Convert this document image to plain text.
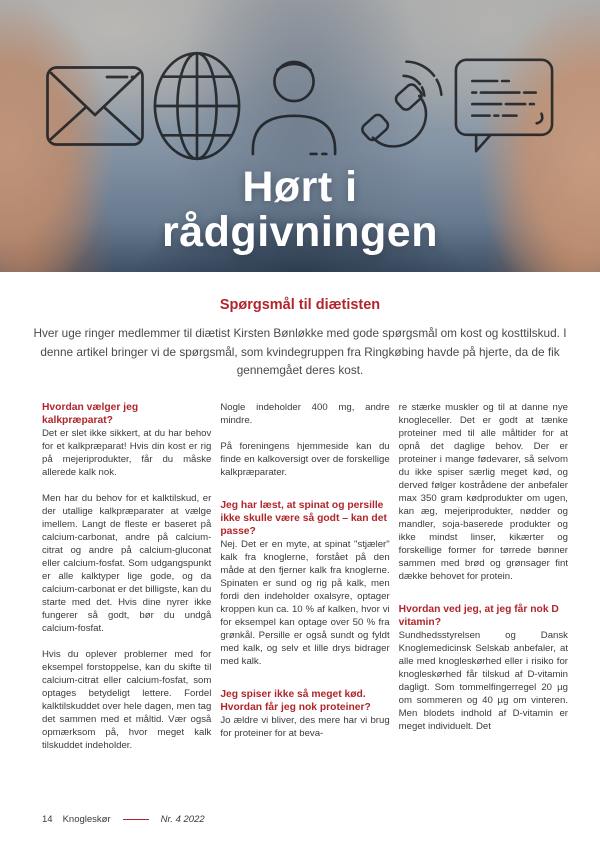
Hørt i
rådgivningen
Spørgsmål til diætisten
Hver uge ringer medlemmer til diætist Kirsten Bønløkke med gode spørgsmål om kost og kosttilskud. I denne artikel bringer vi de spørgsmål, som kvindegruppen fra Ringkøbing havde på hjerte, da de fik gennemgået deres kost.
Hvordan vælger jeg kalkpræparat?

Det er slet ikke sikkert, at du har behov for et kalkpræparat! Hvis din kost er rig på mejeriprodukter, får du måske allerede kalk nok.

Men har du behov for et kalktilskud, er der utallige kalkpræparater at vælge imellem. Langt de fleste er baseret på calcium-carbonat, andre på calcium-citrat og andre på calcium-gluconat eller calcium-fosfat. Som udgangspunkt er alle kalktyper lige gode, og da calcium-carbonat er det billigste, kan du starte med det. Hvis dine nyrer ikke fungerer så godt, bør du undgå calcium-fosfat.

Hvis du oplever problemer med for eksempel forstoppelse, kan du skifte til calcium-citrat eller calcium-fosfat, som optages betydeligt lettere. Fordel kalktilskuddet over hele dagen, men tag det sammen med et måltid. Vær også opmærksom på, hvor meget kalk tilskuddet indeholder.

Nogle indeholder 400 mg, andre mindre.

På foreningens hjemmeside kan du finde en kalkoversigt over de forskellige kalkpræparater.

Jeg har læst, at spinat og persille ikke skulle være så godt – kan det passe?

Nej. Det er en myte, at spinat "stjæler" kalk fra knoglerne, forstået på den måde at den fjerner kalk fra knoglerne. Spinaten er sund og rig på kalk, men fordi den indeholder oxalsyre, optager kroppen kun ca. 10 % af kalken, hvor vi for eksempel kan optage over 50 % fra grønkål. Persille er også sundt og fyldt med kalk, og selv et lille drys bidrager med kalk.

Jeg spiser ikke så meget kød. Hvordan får jeg nok proteiner?

Jo ældre vi bliver, des mere har vi brug for proteiner for at beva-

re stærke muskler og til at danne nye knogleceller. Det er godt at tænke proteiner med til alle måltider for at opnå det daglige behov. Der er proteiner i mange fødevarer, så selvom du ikke spiser særlig meget kød, og derved følger kostrådene der anbefaler max 350 gram kødprodukter om ugen, kan æg, mejeriprodukter, nødder og mandler, soja-baserede produkter og ikke mindst linser, kikærter og forskellige former for tørrede bønner sammen med brød og grønsager fint dække behovet for protein.

Hvordan ved jeg, at jeg får nok D vitamin?

Sundhedsstyrelsen og Dansk Knoglemedicinsk Selskab anbefaler, at alle med knogleskørhed eller i risiko for knogleskørhed får tilskud af D-vitamin dagligt. Som tommelfingerregel 20 µg om sommeren og 40 µg om vinteren. Men blodets indhold af D-vitamin er meget individuelt. Det

14 Knogleskør	Nr. 4 2022
